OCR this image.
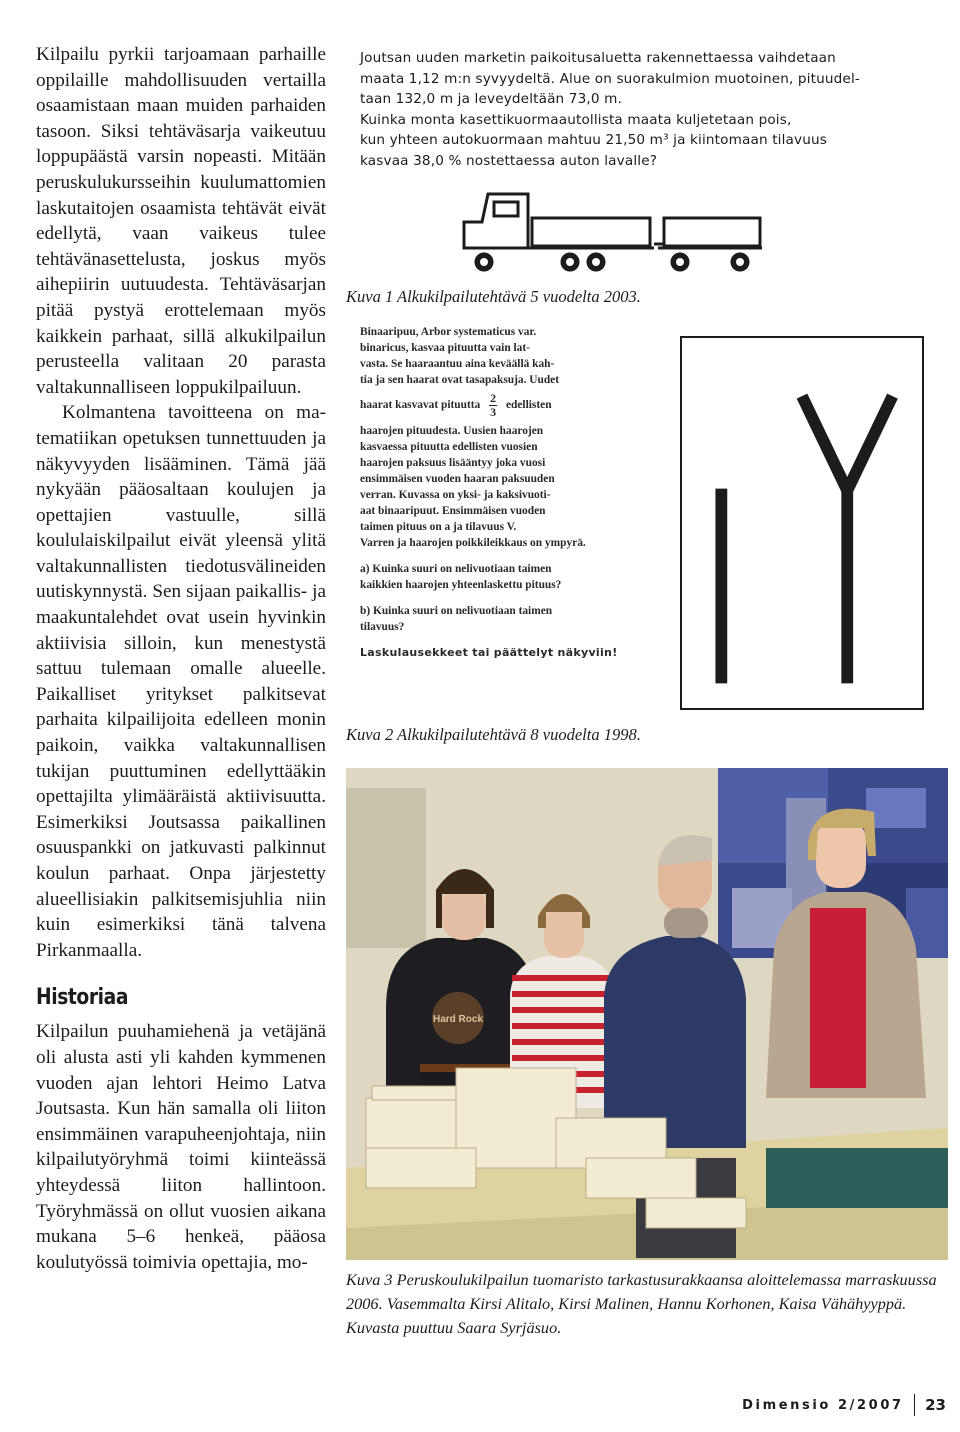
Kilpailu pyrkii tarjoamaan parhaille oppilaille mahdollisuuden vertailla osaamistaan maan muiden parhaiden tasoon. Siksi tehtäväsarja vaikeutuu loppupäästä varsin nopeasti. Mitään peruskulukursseihin kuulumattomien laskutaitojen osaamista tehtävät eivät edellytä, vaan vaikeus tulee tehtävänasettelusta, joskus myös aihepiirin uutuudesta. Tehtäväsarjan pitää pystyä erottelemaan myös kaikkein parhaat, sillä alkukilpailun perusteella valitaan 20 parasta valtakunnalliseen loppukilpailuun.

Kolmantena tavoitteena on matematiikan opetuksen tunnettuuden ja näkyvyyden lisääminen. Tämä jää nykyään pääosaltaan koulujen ja opettajien vastuulle, sillä koululaiskilpailut eivät yleensä ylitä valtakunnallisten tiedotusvälineiden uutiskynnystä. Sen sijaan paikallis- ja maakuntalehdet ovat usein hyvinkin aktiivisia silloin, kun menestystä sattuu tulemaan omalle alueelle. Paikalliset yritykset palkitsevat parhaita kilpailijoita edelleen monin paikoin, vaikka valtakunnallisen tukijan puuttuminen edellyttääkin opettajilta ylimääräistä aktiivisuutta. Esimerkiksi Joutsassa paikallinen osuuspankki on jatkuvasti palkinnut koulun parhaat. Onpa järjestetty alueellisiakin palkitsemisjuhlia niin kuin esimerkiksi tänä talvena Pirkanmaalla.

Historiaa

Kilpailun puuhamiehenä ja vetäjänä oli alusta asti yli kahden kymmenen vuoden ajan lehtori Heimo Latva Joutsasta. Kun hän samalla oli liiton ensimmäinen varapuheenjohtaja, niin kilpailutyöryhmä toimi kiinteässä yhteydessä liiton hallintoon. Työryhmässä on ollut vuosien aikana mukana 5–6 henkeä, pääosa koulutyössä toimivia opettajia, mo-

Joutsan uuden marketin paikoitusaluetta rakennettaessa vaihdetaan
maata 1,12 m:n syvyydeltä. Alue on suorakulmion muotoinen, pituudel-
taan 132,0 m ja leveydeltään 73,0 m.
Kuinka monta kasettikuormaautollista maata kuljetetaan pois,
kun yhteen autokuormaan mahtuu 21,50 m³ ja kiintomaan tilavuus
kasvaa 38,0 % nostettaessa auton lavalle?
Kuva 1 Alkukilpailutehtävä 5 vuodelta 2003.
Binaaripuu, Arbor systematicus var.
binaricus, kasvaa pituutta vain lat-
vasta. Se haaraantuu aina keväällä kah-
tia ja sen haarat ovat tasapaksuja. Uudet
haarat kasvavat pituutta $\frac{2}{3}$ edellisten
haarojen pituudesta. Uusien haarojen
kasvaessa pituutta edellisten vuosien
haarojen paksuus lisääntyy joka vuosi
ensimmäisen vuoden haaran paksuuden
verran. Kuvassa on yksi- ja kaksivuoti-
aat binaaripuut. Ensimmäisen vuoden
taimen pituus on a ja tilavuus V.
Varren ja haarojen poikkileikkaus on ympyrä.
a) Kuinka suuri on nelivuotiaan taimen
kaikkien haarojen yhteenlaskettu pituus?
b) Kuinka suuri on nelivuotiaan taimen
tilavuus?
Laskulausekkeet tai päättelyt näkyviin!
Kuva 2 Alkukilpailutehtävä 8 vuodelta 1998.
Hard Rock
Kuva 3 Peruskoulukilpailun tuomaristo tarkastusurakkaansa aloittelemassa marraskuussa 2006. Vasemmalta Kirsi Alitalo, Kirsi Malinen, Hannu Korhonen, Kaisa Vähähyyppä. Kuvasta puuttuu Saara Syrjäsuo.
Dimensio 2/2007 23
